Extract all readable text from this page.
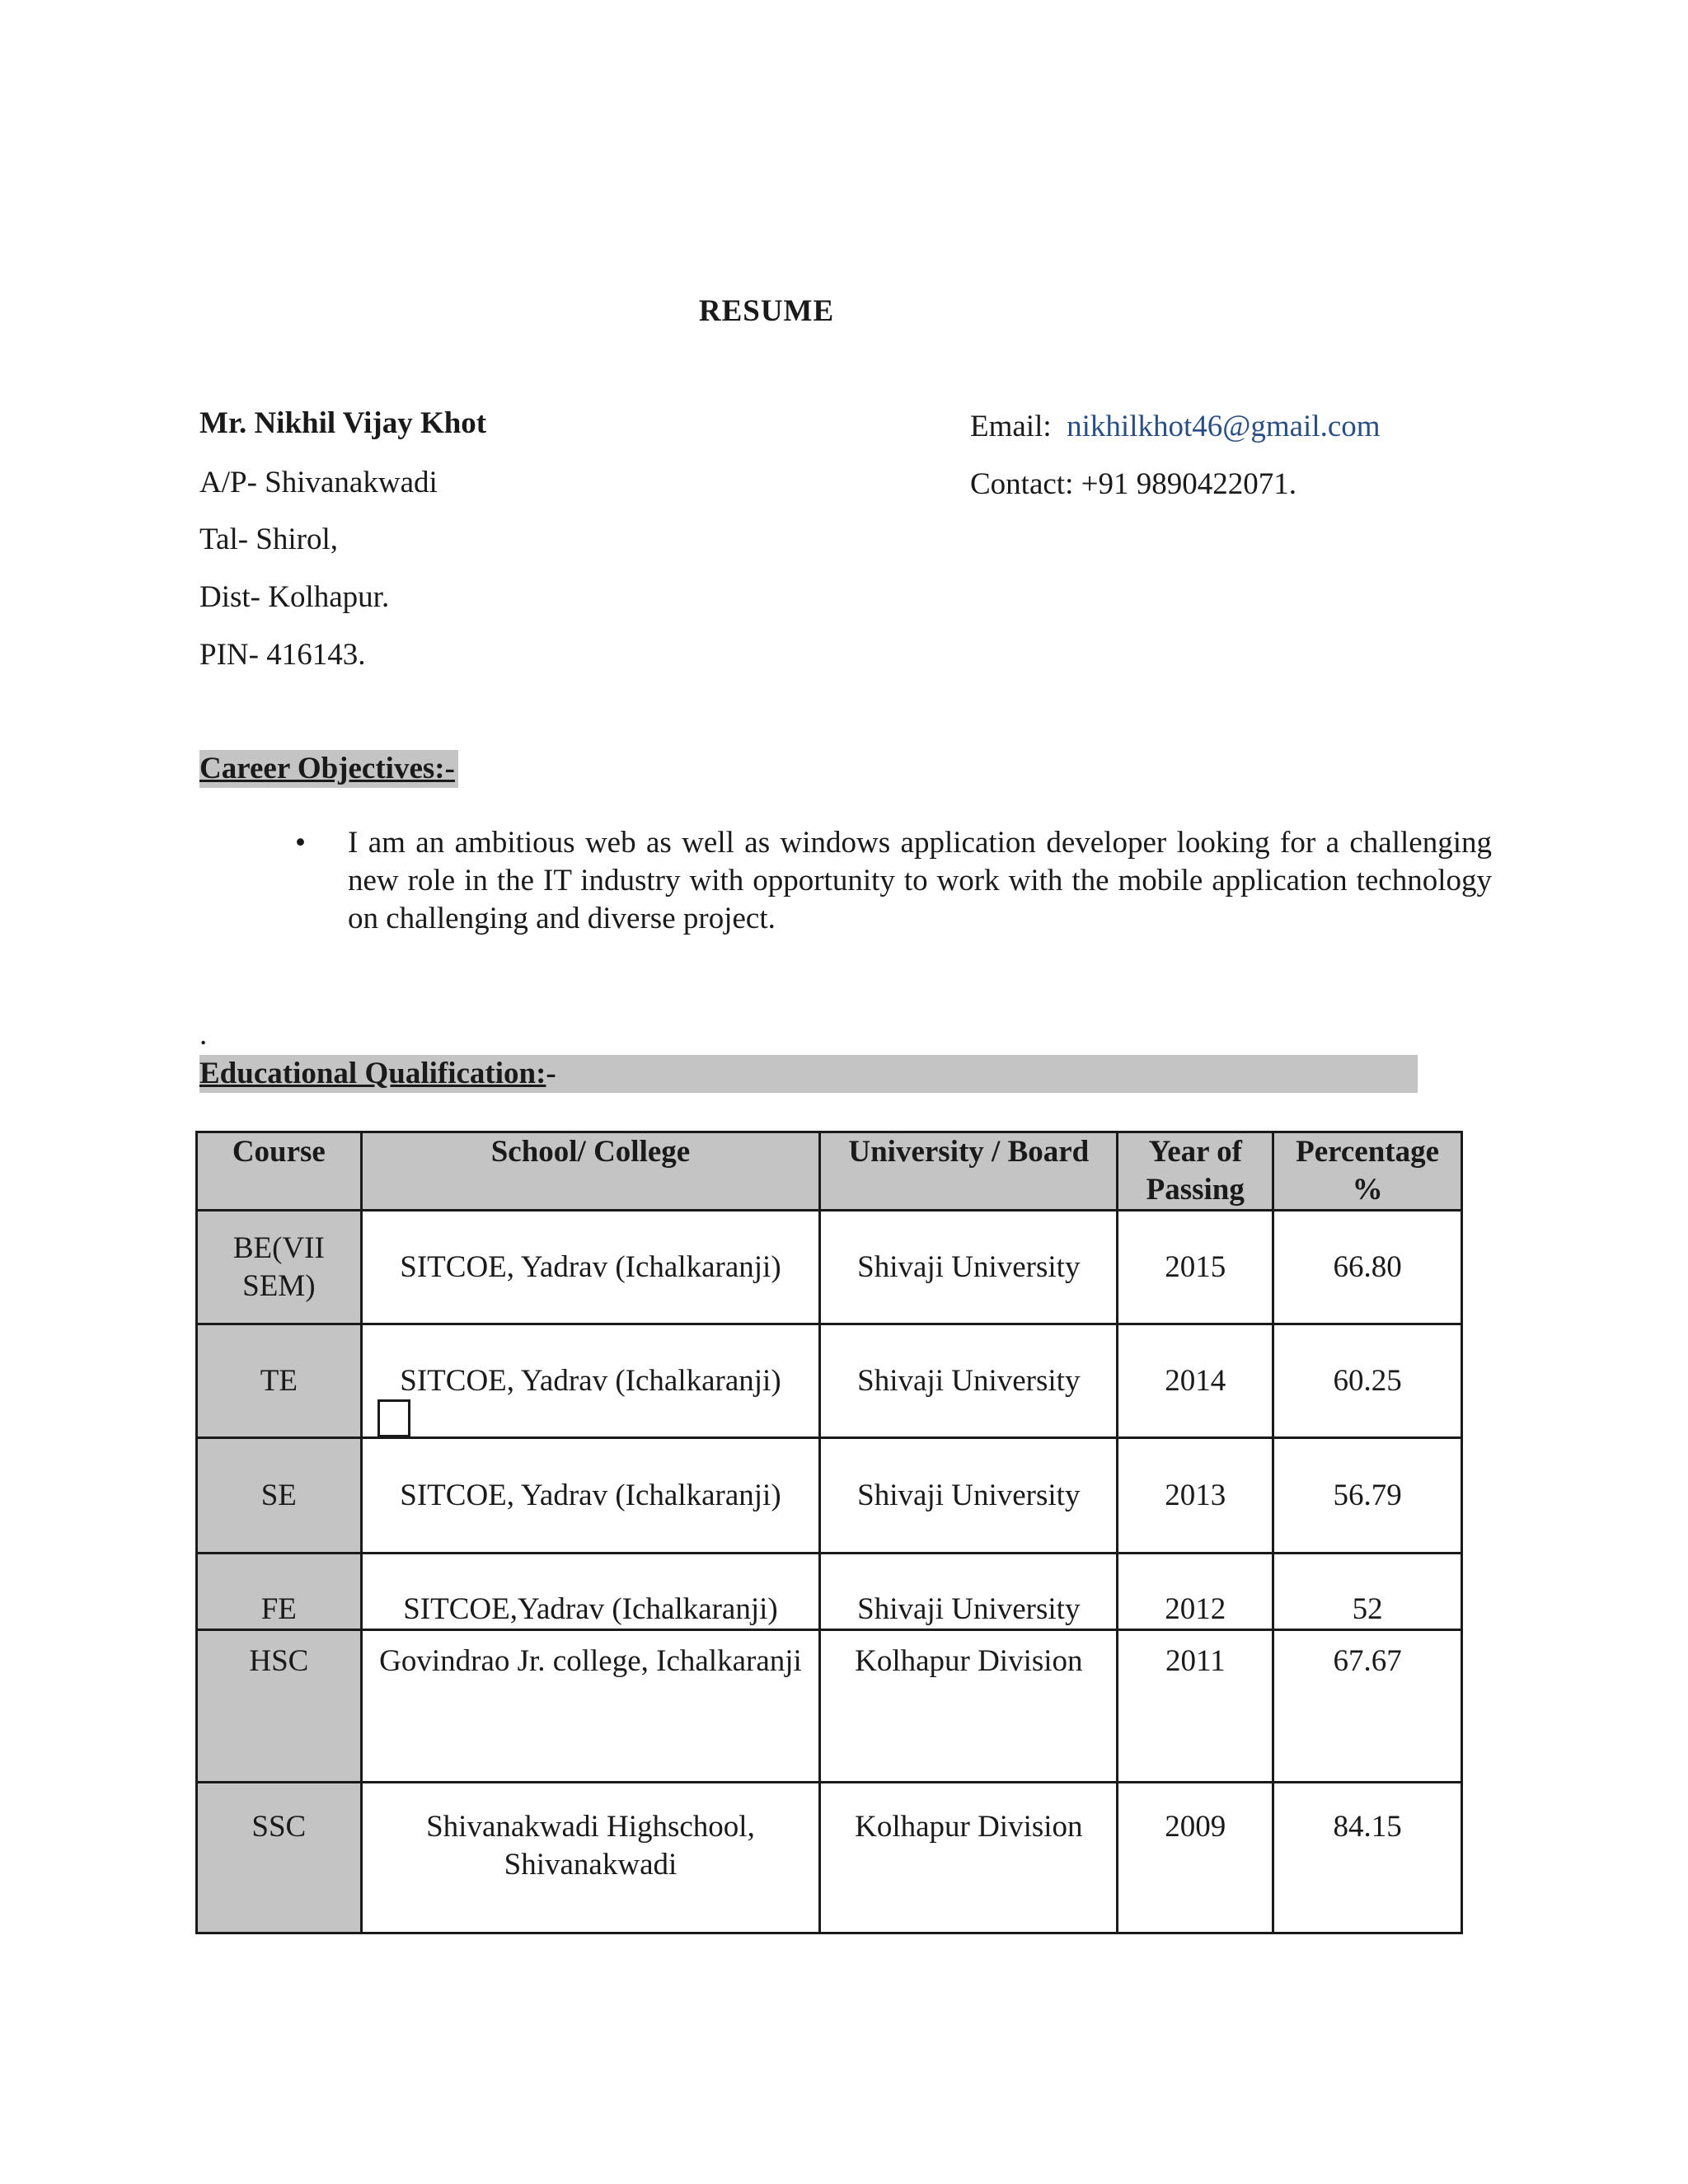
RESUME
Mr. Nikhil Vijay Khot
A/P- Shivanakwadi
Tal- Shirol,
Dist- Kolhapur.
PIN- 416143.
Email: nikhilkhot46@gmail.com
Contact: +91 9890422071.
Career Objectives:-
• I am an ambitious web as well as windows application developer looking for a challenging new role in the IT industry with opportunity to work with the mobile application technology on challenging and diverse project.
.
Educational Qualification:-
Course	School/ College	University / Board	Year of Passing	Percentage %
BE(VII SEM)	SITCOE, Yadrav (Ichalkaranji)	Shivaji University	2015	66.80
TE	SITCOE, Yadrav (Ichalkaranji)	Shivaji University	2014	60.25
SE	SITCOE, Yadrav (Ichalkaranji)	Shivaji University	2013	56.79
FE	SITCOE,Yadrav (Ichalkaranji)	Shivaji University	2012	52
HSC	Govindrao Jr. college, Ichalkaranji	Kolhapur Division	2011	67.67
SSC	Shivanakwadi Highschool, Shivanakwadi	Kolhapur Division	2009	84.15
